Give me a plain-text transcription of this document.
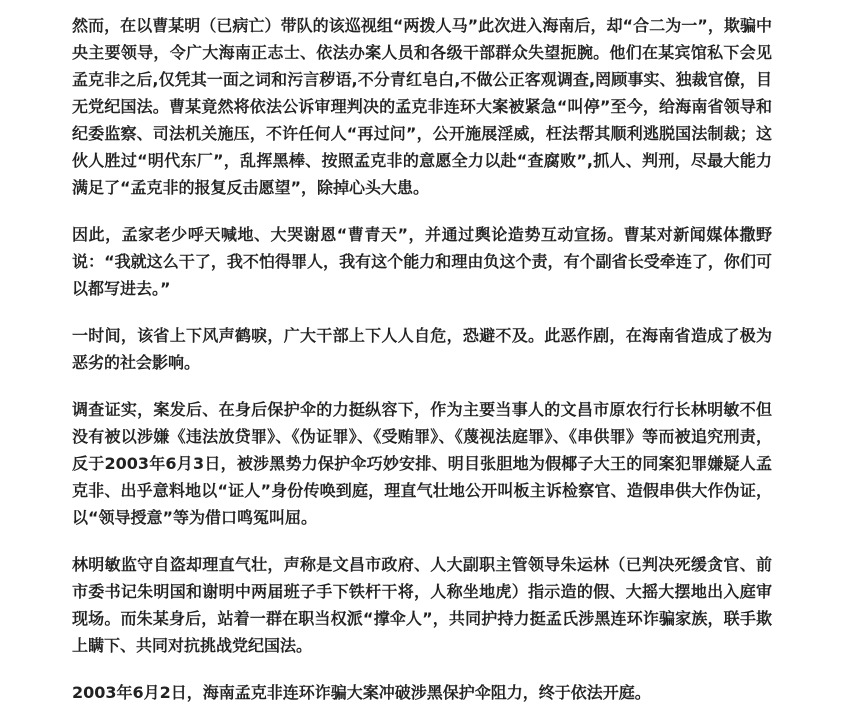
然而，在以曹某明（已病亡）带队的该巡视组“两拨人马”此次进入海南后，却“合二为一”，欺骗中央主要领导，令广大海南正志士、依法办案人员和各级干部群众失望扼腕。他们在某宾馆私下会见孟克非之后,仅凭其一面之词和污言秽语,不分青红皂白,不做公正客观调查,罔顾事实、独裁官僚，目无党纪国法。曹某竟然将依法公诉审理判决的孟克非连环大案被紧急“叫停”至今，给海南省领导和纪委监察、司法机关施压，不许任何人“再过问”，公开施展淫威，枉法帮其顺利逃脱国法制裁；这伙人胜过“明代东厂”，乱挥黑棒、按照孟克非的意愿全力以赴“查腐败”,抓人、判刑，尽最大能力满足了“孟克非的报复反击愿望”，除掉心头大患。

因此，孟家老少呼天喊地、大哭谢恩“曹青天”，并通过舆论造势互动宣扬。曹某对新闻媒体撒野说：“我就这么干了，我不怕得罪人，我有这个能力和理由负这个责，有个副省长受牵连了，你们可以都写进去。”

一时间，该省上下风声鹤唳，广大干部上下人人自危，恐避不及。此恶作剧，在海南省造成了极为恶劣的社会影响。

调查证实，案发后、在身后保护伞的力挺纵容下，作为主要当事人的文昌市原农行行长林明敏不但没有被以涉嫌《违法放贷罪》、《伪证罪》、《受贿罪》、《蔑视法庭罪》、《串供罪》等而被追究刑责，反于2003年6月3日，被涉黑势力保护伞巧妙安排、明目张胆地为假椰子大王的同案犯罪嫌疑人孟克非、出乎意料地以“证人”身份传唤到庭，理直气壮地公开叫板主诉检察官、造假串供大作伪证，以“领导授意”等为借口鸣冤叫屈。

林明敏监守自盗却理直气壮，声称是文昌市政府、人大副职主管领导朱运林（已判决死缓贪官、前市委书记朱明国和谢明中两届班子手下铁杆干将，人称坐地虎）指示造的假、大摇大摆地出入庭审现场。而朱某身后，站着一群在职当权派“撑伞人”，共同护持力挺孟氏涉黑连环诈骗家族，联手欺上瞒下、共同对抗挑战党纪国法。

2003年6月2日，海南孟克非连环诈骗大案冲破涉黑保护伞阻力，终于依法开庭。
